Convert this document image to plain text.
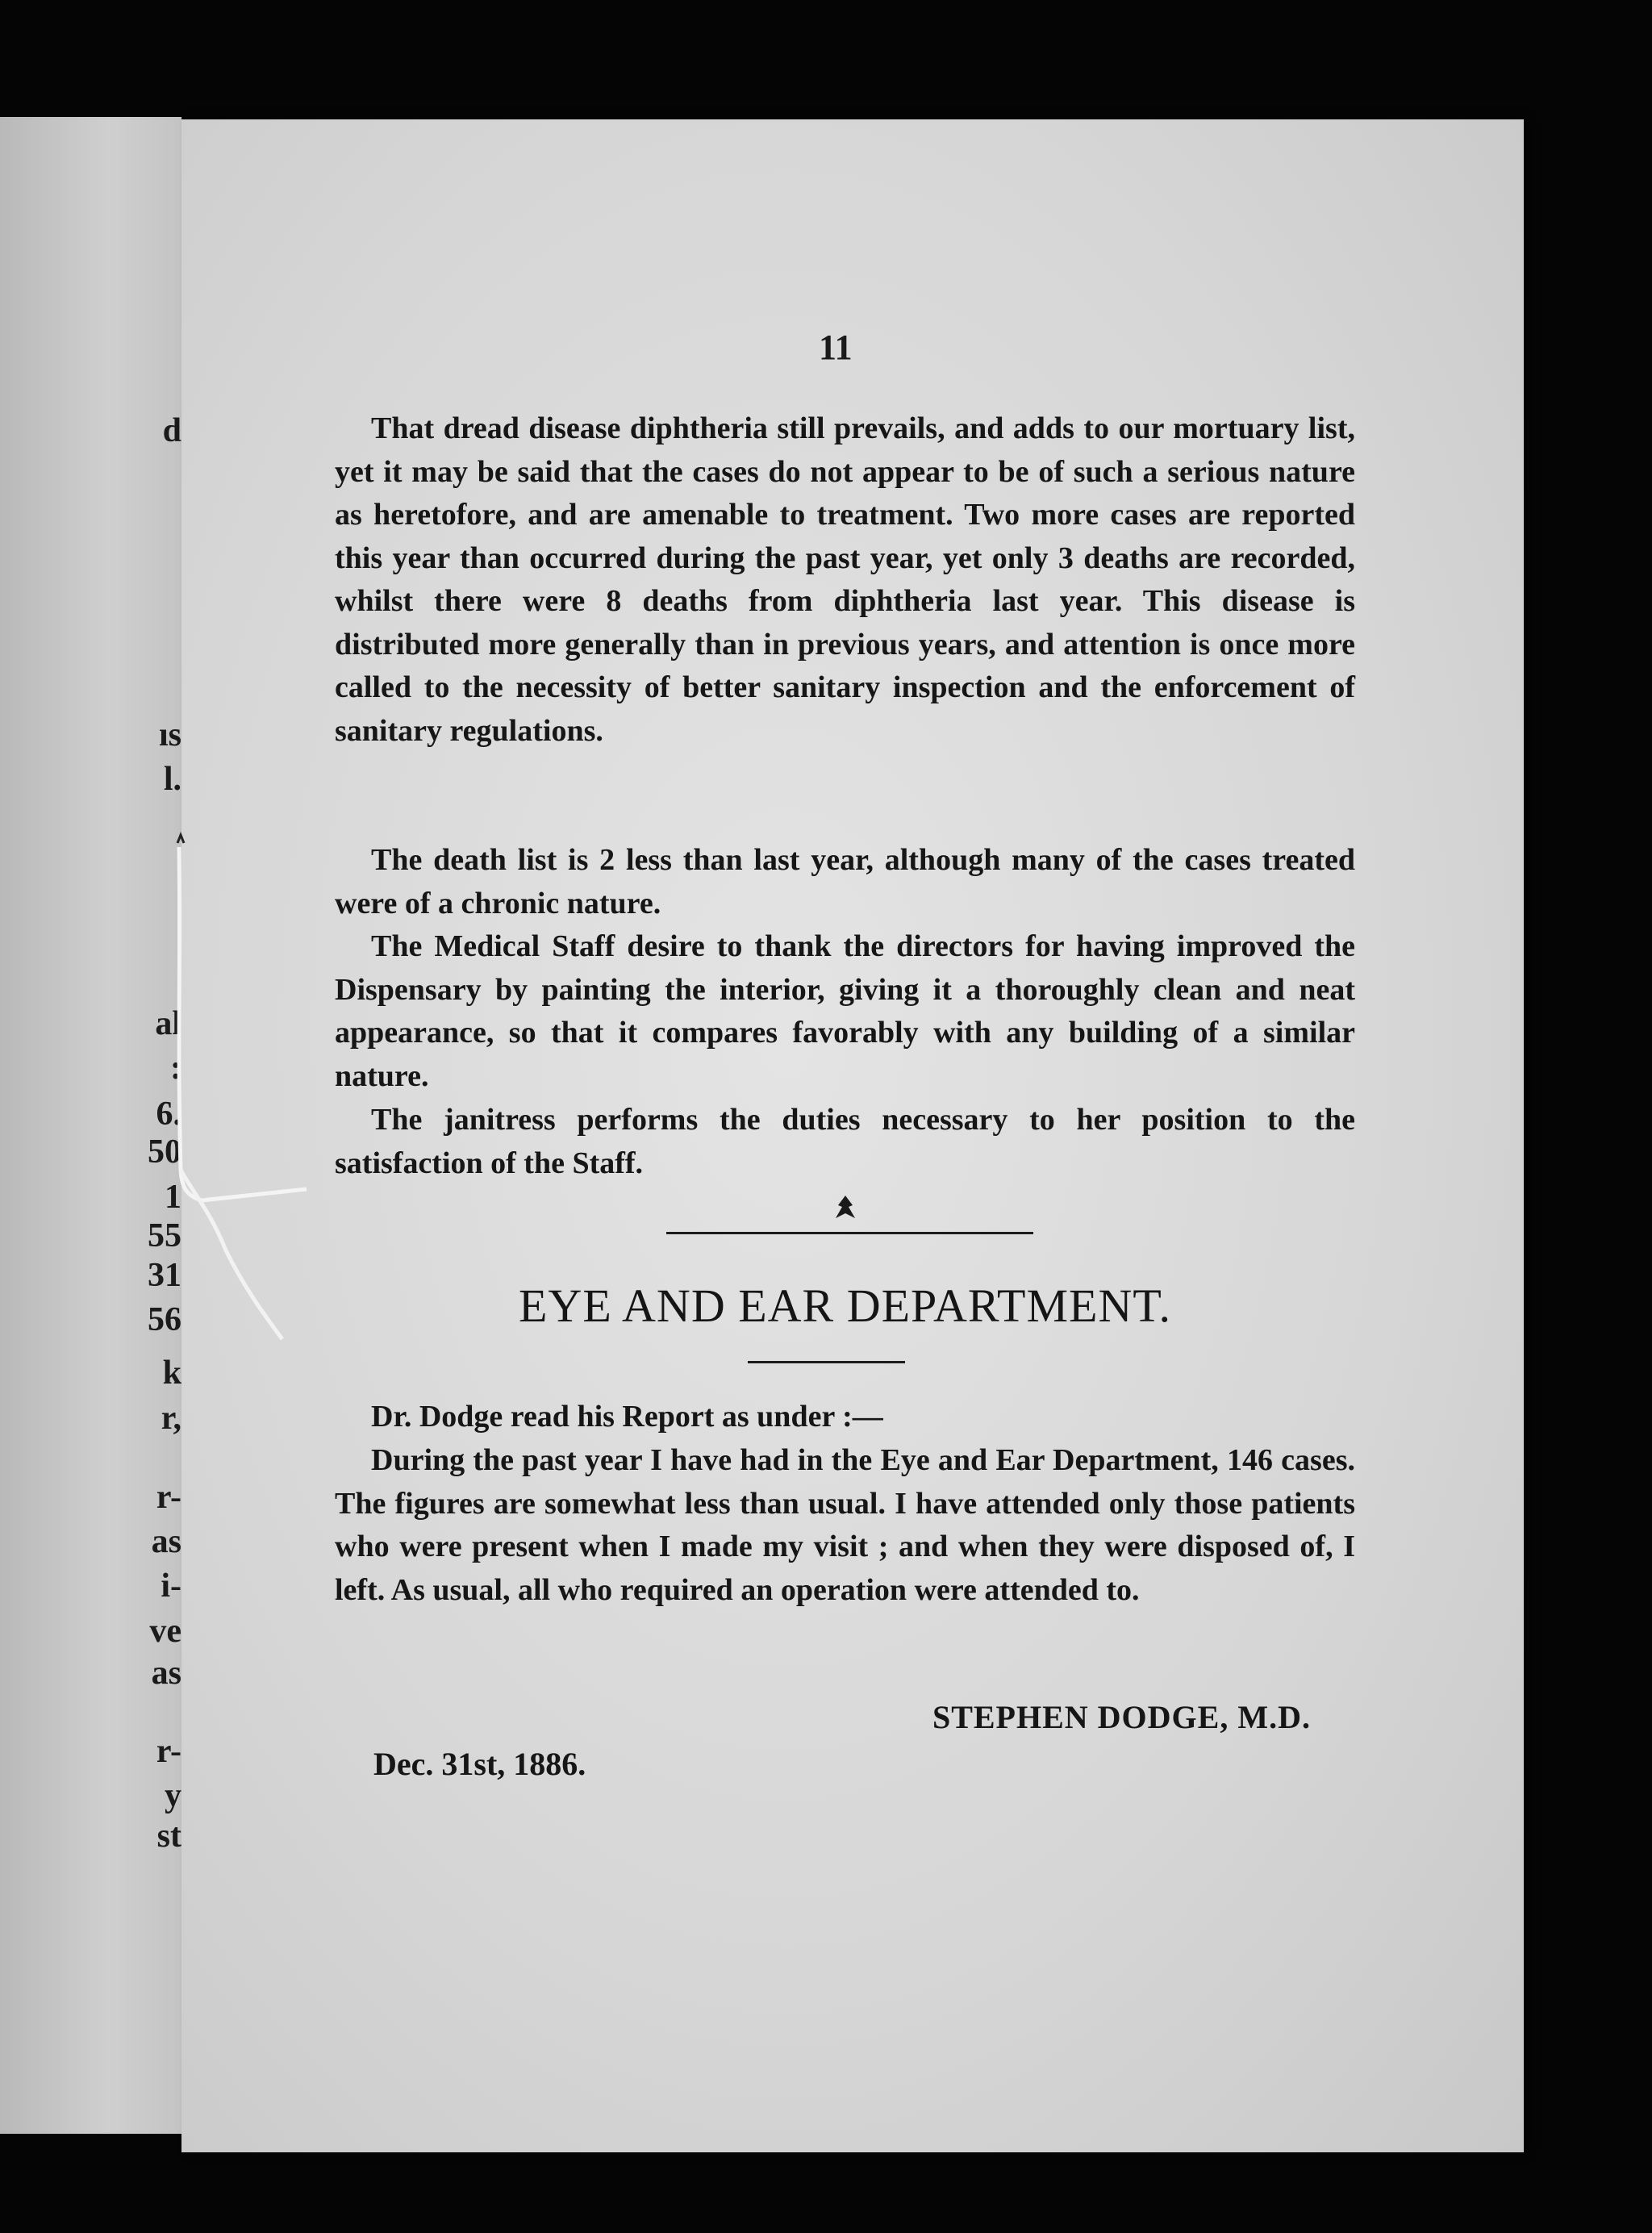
d
ıs
l.
al
:
6.
50
1
55
31
56
k
r,
r-
as
i-
ve
as
r-
y
st
11

That dread disease diphtheria still prevails, and adds to our mortuary list, yet it may be said that the cases do not appear to be of such a serious nature as heretofore, and are amenable to treatment. Two more cases are reported this year than occurred during the past year, yet only 3 deaths are recorded, whilst there were 8 deaths from diphtheria last year. This disease is distributed more generally than in previous years, and attention is once more called to the necessity of better sanitary inspection and the enforcement of sanitary regulations.

The death list is 2 less than last year, although many of the cases treated were of a chronic nature.

The Medical Staff desire to thank the directors for having improved the Dispensary by painting the interior, giving it a thoroughly clean and neat appearance, so that it compares favorably with any building of a similar nature.

The janitress performs the duties necessary to her position to the satisfaction of the Staff.

EYE AND EAR DEPARTMENT.

Dr. Dodge read his Report as under :—

During the past year I have had in the Eye and Ear Department, 146 cases. The figures are somewhat less than usual. I have attended only those patients who were present when I made my visit ; and when they were disposed of, I left. As usual, all who required an operation were attended to.

STEPHEN DODGE, M.D.
Dec. 31st, 1886.
